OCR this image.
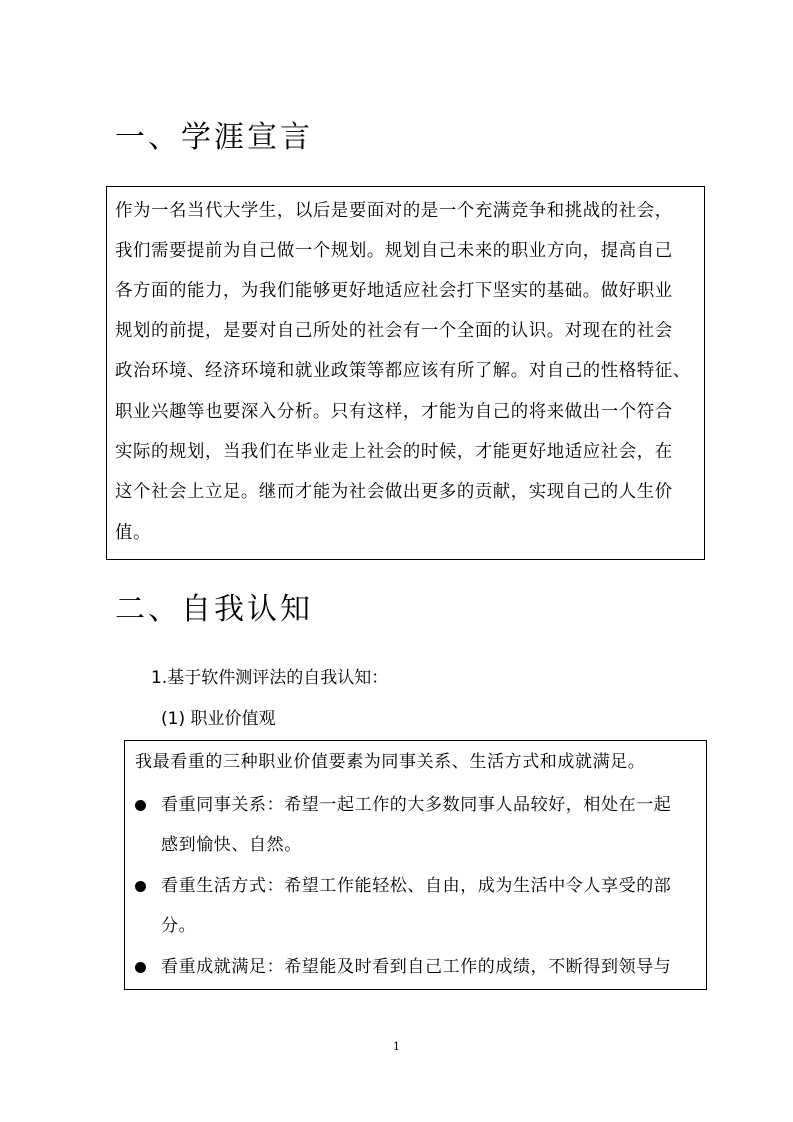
一、学涯宣言

作为一名当代大学生，以后是要面对的是一个充满竞争和挑战的社会，

我们需要提前为自己做一个规划。规划自己未来的职业方向，提高自己

各方面的能力，为我们能够更好地适应社会打下坚实的基础。做好职业

规划的前提，是要对自己所处的社会有一个全面的认识。对现在的社会

政治环境、经济环境和就业政策等都应该有所了解。对自己的性格特征、

职业兴趣等也要深入分析。只有这样，才能为自己的将来做出一个符合

实际的规划，当我们在毕业走上社会的时候，才能更好地适应社会，在

这个社会上立足。继而才能为社会做出更多的贡献，实现自己的人生价

值。

二、自我认知
1.基于软件测评法的自我认知：
(1) 职业价值观
我最看重的三种职业价值要素为同事关系、生活方式和成就满足。
看重同事关系：希望一起工作的大多数同事人品较好，相处在一起
感到愉快、自然。
看重生活方式：希望工作能轻松、自由，成为生活中令人享受的部
分。
看重成就满足：希望能及时看到自己工作的成绩，不断得到领导与
1
